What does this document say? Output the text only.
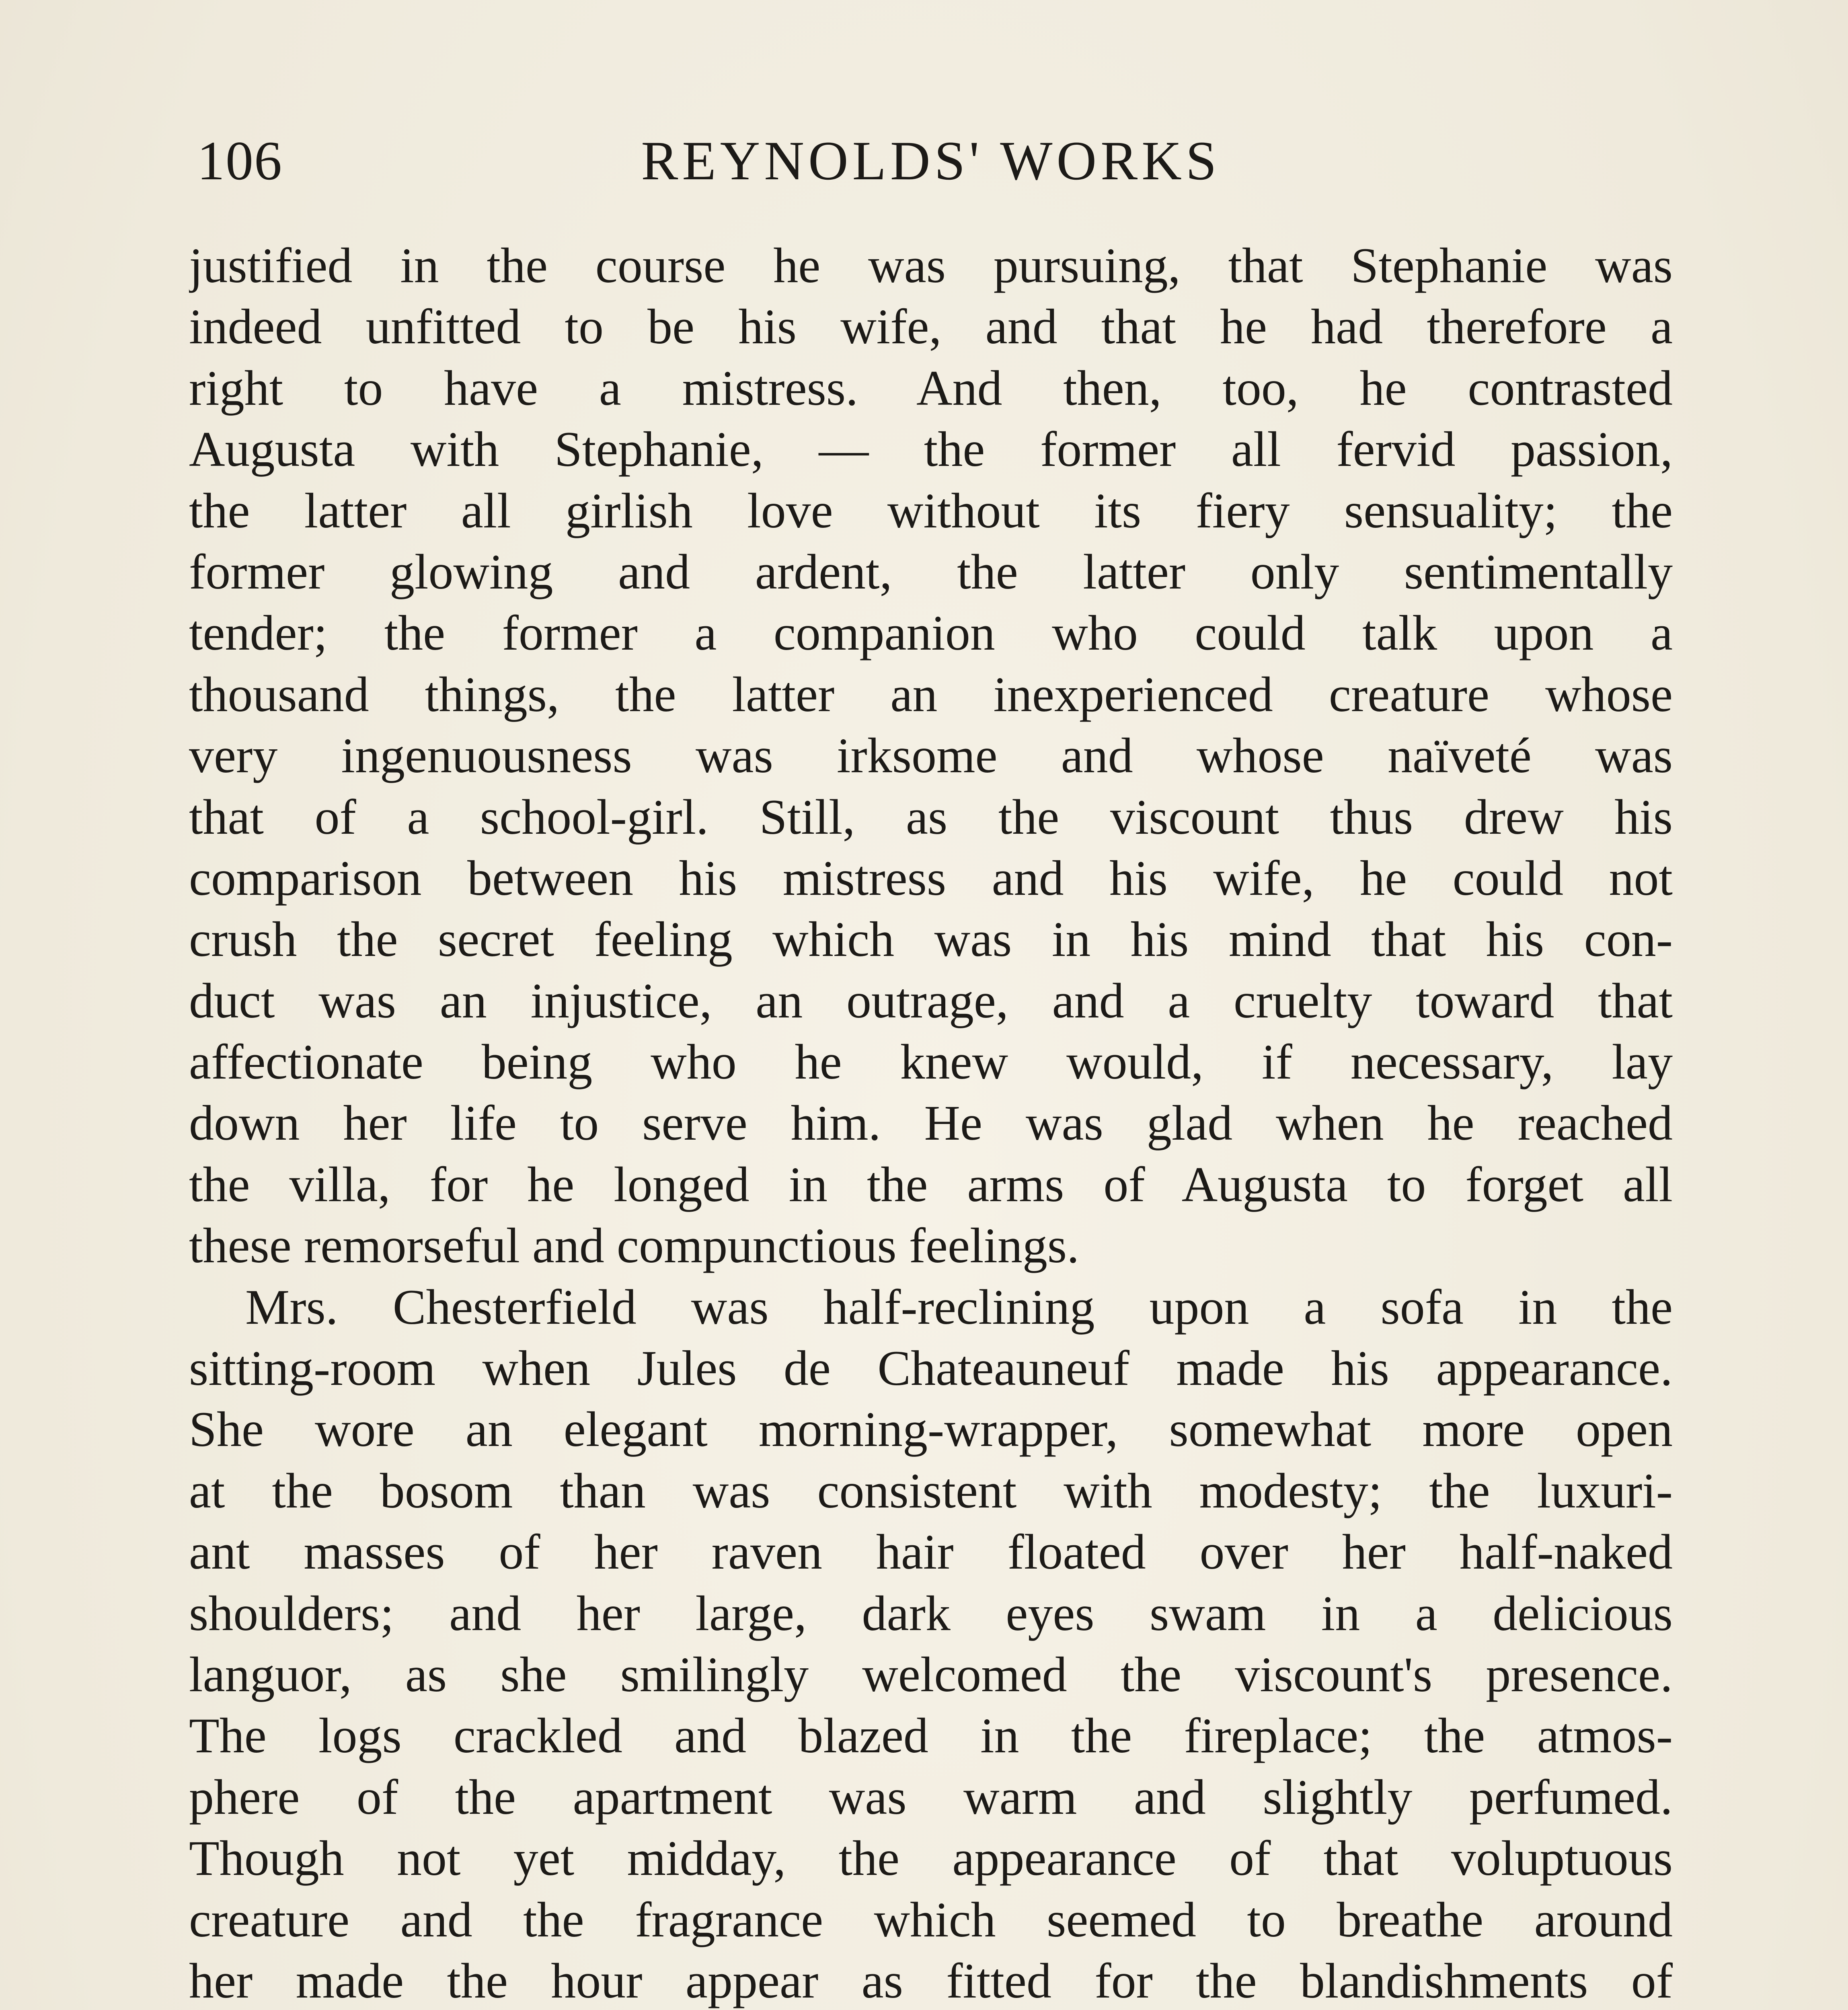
106	REYNOLDS' WORKS
justified in the course he was pursuing, that Stephanie was
indeed unfitted to be his wife, and that he had therefore a
right to have a mistress. And then, too, he contrasted
Augusta with Stephanie, — the former all fervid passion,
the latter all girlish love without its fiery sensuality; the
former glowing and ardent, the latter only sentimentally
tender; the former a companion who could talk upon a
thousand things, the latter an inexperienced creature whose
very ingenuousness was irksome and whose naïveté was
that of a school-girl. Still, as the viscount thus drew his
comparison between his mistress and his wife, he could not
crush the secret feeling which was in his mind that his con-
duct was an injustice, an outrage, and a cruelty toward that
affectionate being who he knew would, if necessary, lay
down her life to serve him. He was glad when he reached
the villa, for he longed in the arms of Augusta to forget all
these remorseful and compunctious feelings.
Mrs. Chesterfield was half-reclining upon a sofa in the
sitting-room when Jules de Chateauneuf made his appearance.
She wore an elegant morning-wrapper, somewhat more open
at the bosom than was consistent with modesty; the luxuri-
ant masses of her raven hair floated over her half-naked
shoulders; and her large, dark eyes swam in a delicious
languor, as she smilingly welcomed the viscount's presence.
The logs crackled and blazed in the fireplace; the atmos-
phere of the apartment was warm and slightly perfumed.
Though not yet midday, the appearance of that voluptuous
creature and the fragrance which seemed to breathe around
her made the hour appear as fitted for the blandishments of
